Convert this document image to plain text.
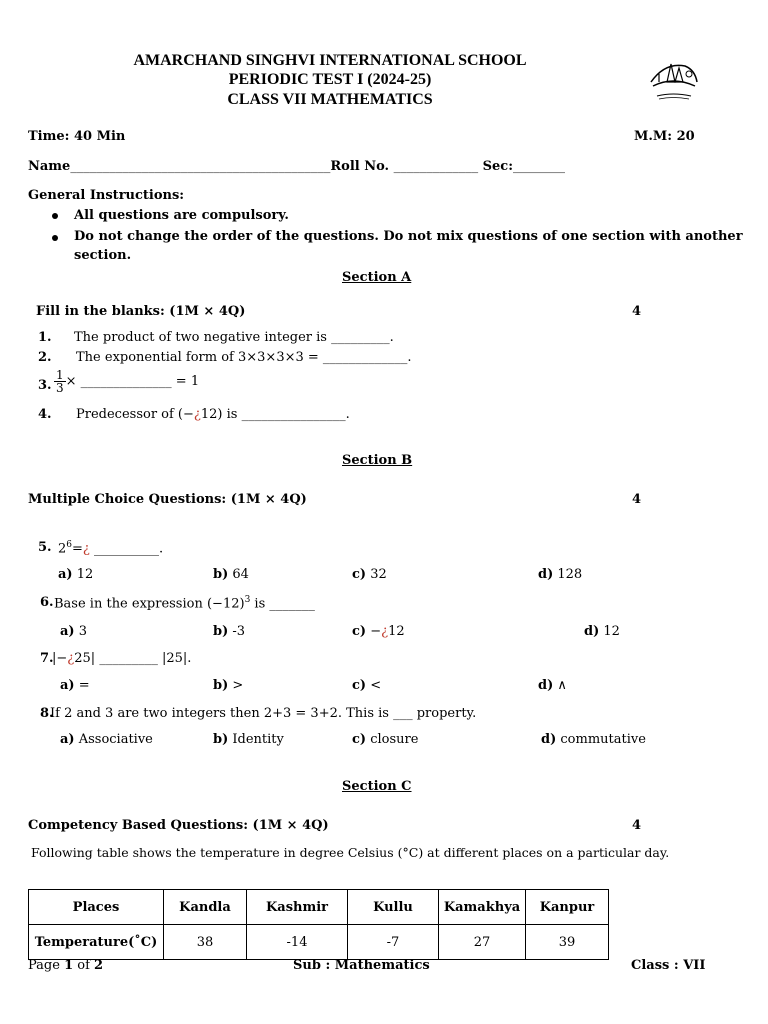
AMARCHAND SINGHVI INTERNATIONAL SCHOOL
PERIODIC TEST I (2024-25)
CLASS VII MATHEMATICS
Time: 40 Min	M.M: 20
Name________________________________________Roll No. _____________ Sec:________
General Instructions:
All questions are compulsory.
Do not change the order of the questions. Do not mix questions of one section with another
section.
Section A
Fill in the blanks: (1M × 4Q)	4
1. The product of two negative integer is _________.
2. The exponential form of 3×3×3×3 = _____________.
3. $\frac{1}{3}$ × ______________ = 1
4. Predecessor of (−¿12) is ________________.
Section B
Multiple Choice Questions: (1M × 4Q)	4
5. $2^6=¿$ __________.
a) 12	b) 64	c) 32	d) 128
6. Base in the expression $(-12)^3$ is _______
a) 3	b) -3	c) −¿12	d) 12
7.
|−¿25| _________ |25|.
a) =	b) >	c) <	d) ∧
8.
If 2 and 3 are two integers then 2+3 = 3+2. This is ___ property.
a) Associative	b) Identity	c) closure	d) commutative
Section C
Competency Based Questions: (1M × 4Q)	4
Following table shows the temperature in degree Celsius (°C) at different places on a particular day.
Places	Kandla	Kashmir	Kullu	Kamakhya	Kanpur
Temperature(˚C)	38	-14	-7	27	39
Page 1 of 2	Sub : Mathematics	Class : VII
